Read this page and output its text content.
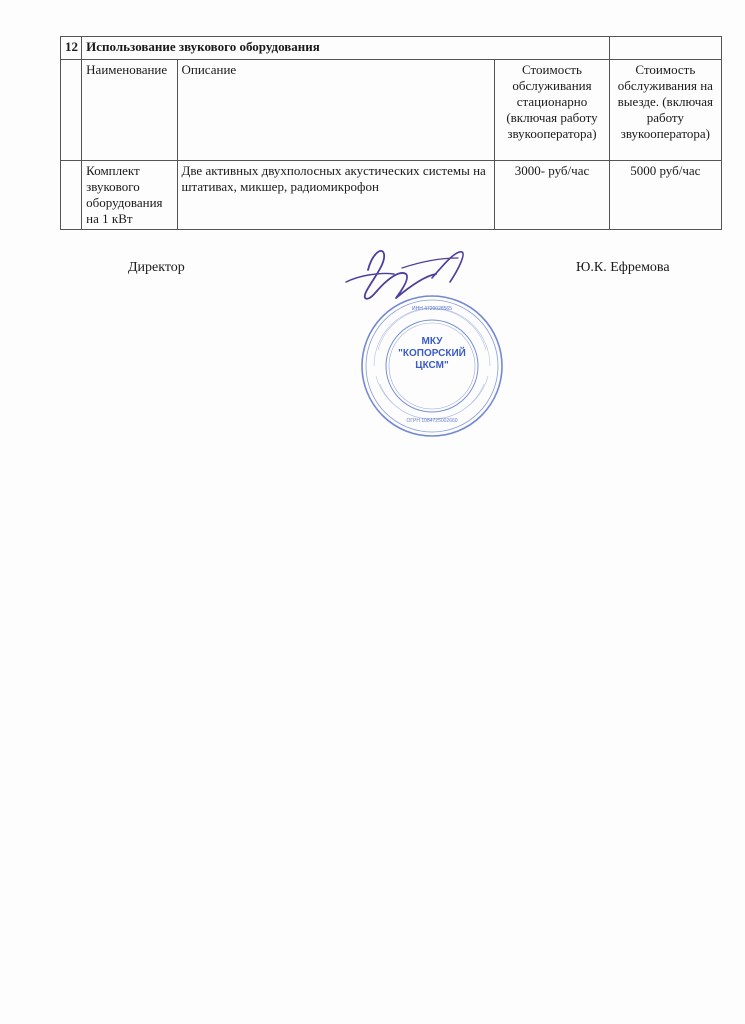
12	Использование звукового оборудования			
	Наименование	Описание	Стоимость обслуживания стационарно (включая работу звукооператора)	Стоимость обслуживания на выезде. (включая работу звукооператора)
	Комплект звукового оборудования на 1 кВт	Две активных двухполосных акустических системы на штативах, микшер, радиомикрофон	3000- руб/час	5000 руб/час
Директор	Ю.К. Ефремова
ИНН 4720028565
МКУ
"КОПОРСКИЙ
ЦКСМ"
ОГРН 1084725002660
